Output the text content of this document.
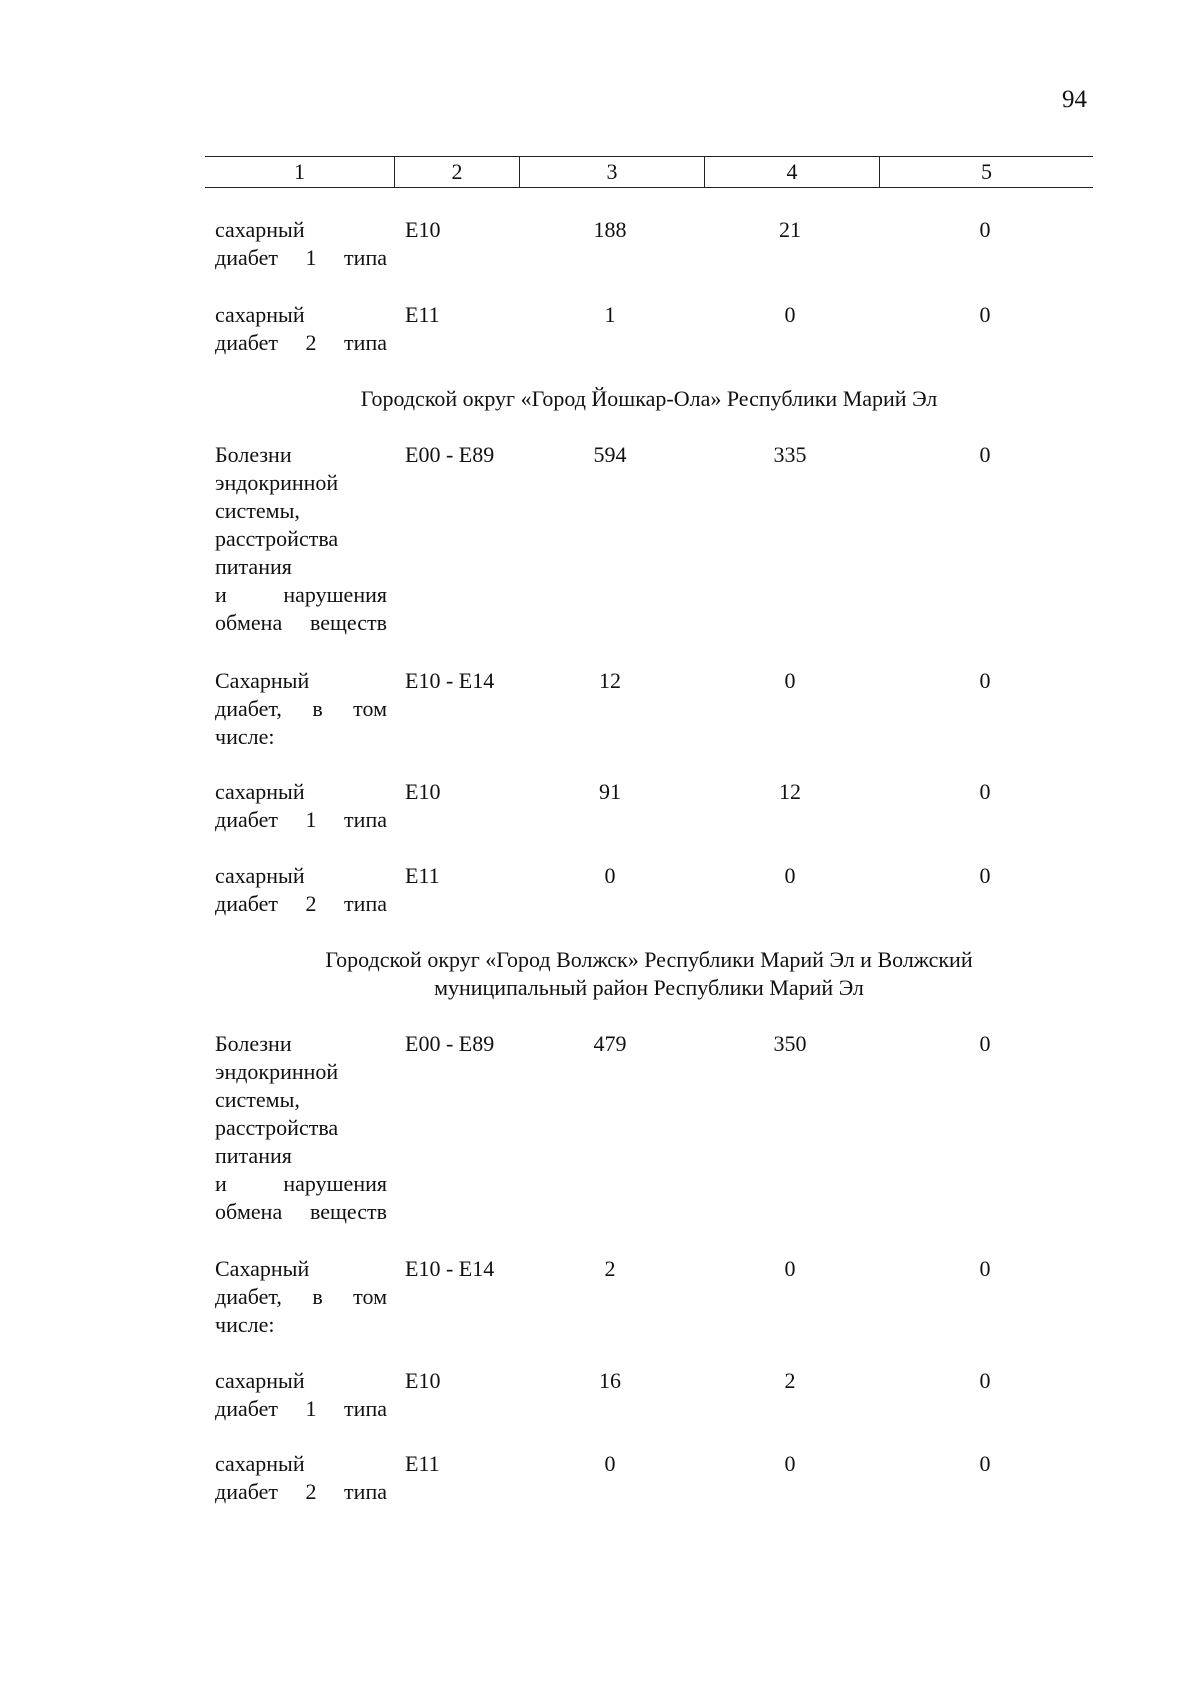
94
1	2	3	4	5
сахарный
диабет 1 типа
E10	188	21	0
сахарный
диабет 2 типа
E11	1	0	0
Городской округ «Город Йошкар-Ола» Республики Марий Эл
Болезни
эндокринной
системы,
расстройства
питания
и нарушения
обмена веществ
E00 - E89	594	335	0
Сахарный
диабет, в том
числе:
E10 - E14	12	0	0
сахарный
диабет 1 типа
E10	91	12	0
сахарный
диабет 2 типа
E11	0	0	0
Городской округ «Город Волжск» Республики Марий Эл и Волжский
муниципальный район Республики Марий Эл
Болезни
эндокринной
системы,
расстройства
питания
и нарушения
обмена веществ
E00 - E89	479	350	0
Сахарный
диабет, в том
числе:
E10 - E14	2	0	0
сахарный
диабет 1 типа
E10	16	2	0
сахарный
диабет 2 типа
E11	0	0	0
